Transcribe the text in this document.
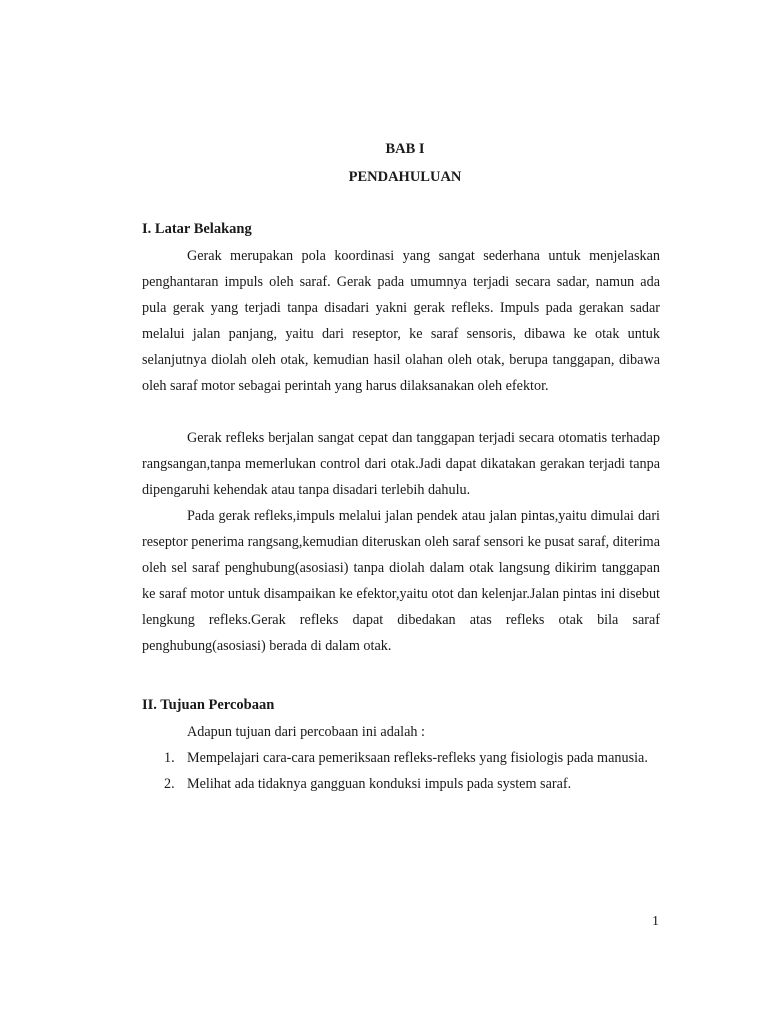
BAB I

PENDAHULUAN

I. Latar Belakang

Gerak merupakan pola koordinasi yang sangat sederhana untuk menjelaskan penghantaran impuls oleh saraf. Gerak pada umumnya terjadi secara sadar, namun ada pula gerak yang terjadi tanpa disadari yakni gerak refleks. Impuls pada gerakan sadar melalui jalan panjang, yaitu dari reseptor, ke saraf sensoris, dibawa ke otak untuk selanjutnya diolah oleh otak, kemudian hasil olahan oleh otak, berupa tanggapan, dibawa oleh saraf motor sebagai perintah yang harus dilaksanakan oleh efektor.

Gerak refleks berjalan sangat cepat dan tanggapan terjadi secara otomatis terhadap rangsangan,tanpa memerlukan control dari otak.Jadi dapat dikatakan gerakan terjadi tanpa dipengaruhi kehendak atau tanpa disadari terlebih dahulu.

Pada gerak refleks,impuls melalui jalan pendek atau jalan pintas,yaitu dimulai dari reseptor penerima rangsang,kemudian diteruskan oleh saraf sensori ke pusat saraf, diterima oleh sel saraf penghubung(asosiasi) tanpa diolah dalam otak langsung dikirim tanggapan ke saraf motor untuk disampaikan ke efektor,yaitu otot dan kelenjar.Jalan pintas ini disebut lengkung refleks.Gerak refleks dapat dibedakan atas refleks otak bila saraf penghubung(asosiasi) berada di dalam otak.

II. Tujuan Percobaan

Adapun tujuan dari percobaan ini adalah :

1. Mempelajari cara-cara pemeriksaan refleks-refleks yang fisiologis pada manusia.
2. Melihat ada tidaknya gangguan konduksi impuls pada system saraf.

1
